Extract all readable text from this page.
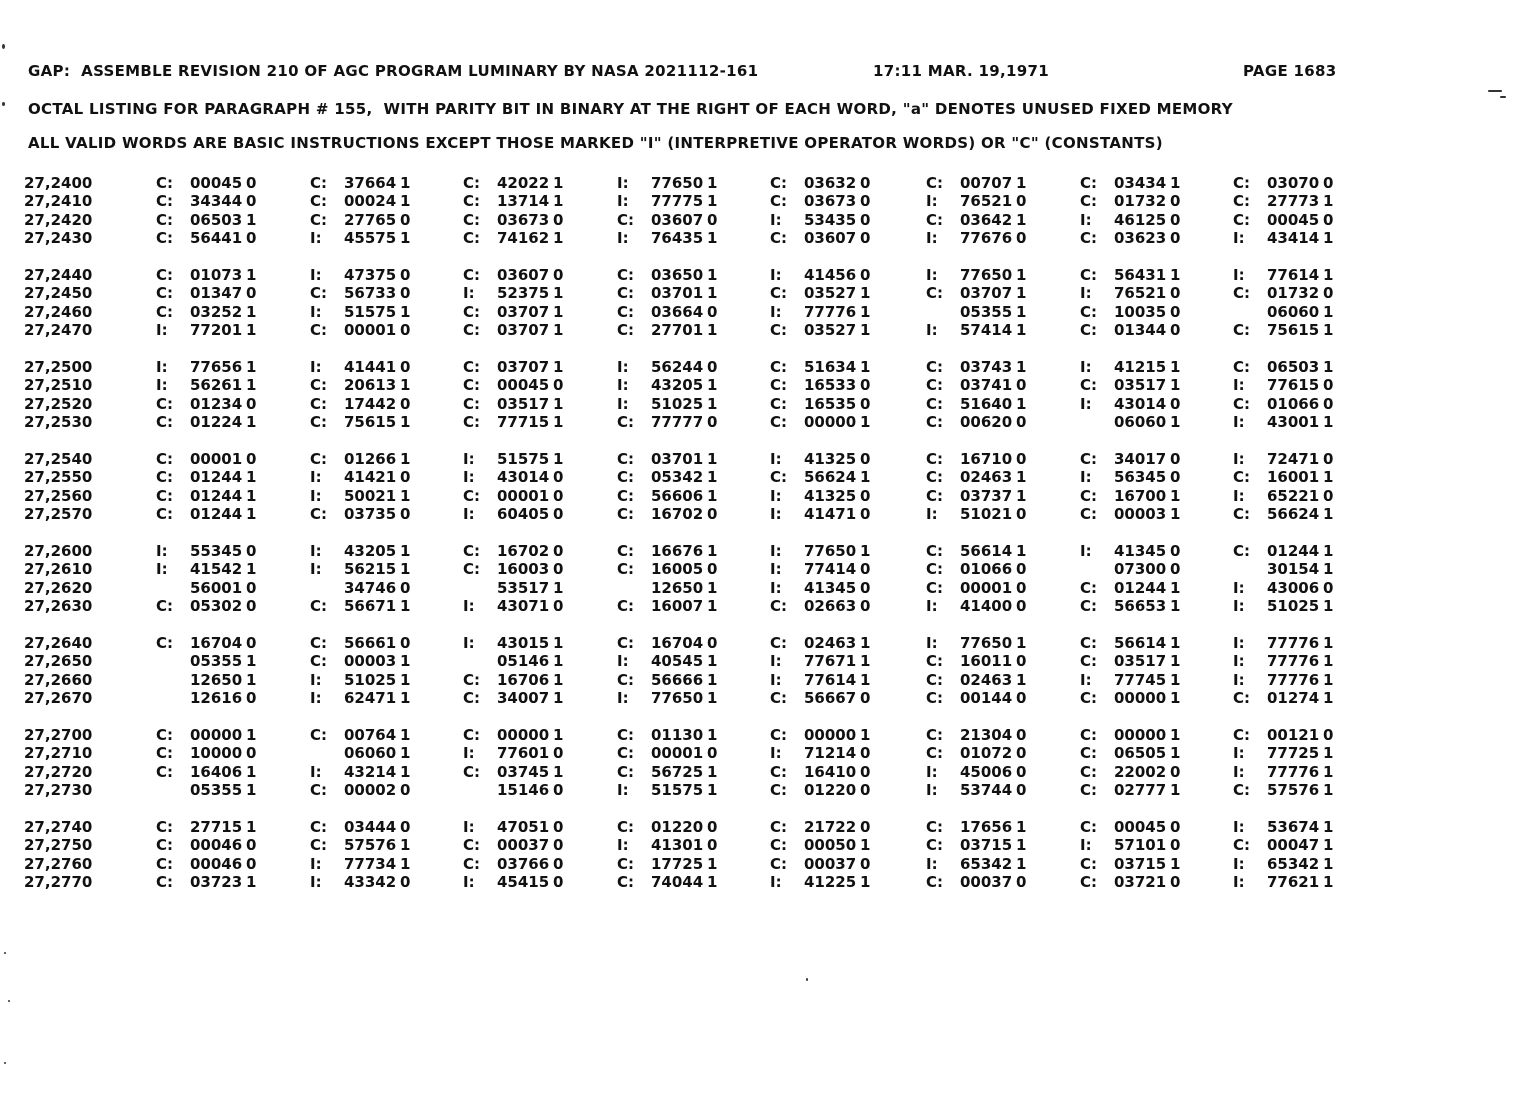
GAP:  ASSEMBLE REVISION 210 OF AGC PROGRAM LUMINARY BY NASA 2021112-161	17:11 MAR. 19,1971	PAGE 1683
OCTAL LISTING FOR PARAGRAPH # 155,  WITH PARITY BIT IN BINARY AT THE RIGHT OF EACH WORD, "a" DENOTES UNUSED FIXED MEMORY
ALL VALID WORDS ARE BASIC INSTRUCTIONS EXCEPT THOSE MARKED "I" (INTERPRETIVE OPERATOR WORDS) OR "C" (CONSTANTS)
27,2400	C: 00045 0	C: 37664 1	C: 42022 1	I: 77650 1	C: 03632 0	C: 00707 1	C: 03434 1	C: 03070 0
27,2410	C: 34344 0	C: 00024 1	C: 13714 1	I: 77775 1	C: 03673 0	I: 76521 0	C: 01732 0	C: 27773 1
27,2420	C: 06503 1	C: 27765 0	C: 03673 0	C: 03607 0	I: 53435 0	C: 03642 1	I: 46125 0	C: 00045 0
27,2430	C: 56441 0	I: 45575 1	C: 74162 1	I: 76435 1	C: 03607 0	I: 77676 0	C: 03623 0	I: 43414 1
27,2440	C: 01073 1	I: 47375 0	C: 03607 0	C: 03650 1	I: 41456 0	I: 77650 1	C: 56431 1	I: 77614 1
27,2450	C: 01347 0	C: 56733 0	I: 52375 1	C: 03701 1	C: 03527 1	C: 03707 1	I: 76521 0	C: 01732 0
27,2460	C: 03252 1	I: 51575 1	C: 03707 1	C: 03664 0	I: 77776 1	05355 1	C: 10035 0	06060 1
27,2470	I: 77201 1	C: 00001 0	C: 03707 1	C: 27701 1	C: 03527 1	I: 57414 1	C: 01344 0	C: 75615 1
27,2500	I: 77656 1	I: 41441 0	C: 03707 1	I: 56244 0	C: 51634 1	C: 03743 1	I: 41215 1	C: 06503 1
27,2510	I: 56261 1	C: 20613 1	C: 00045 0	I: 43205 1	C: 16533 0	C: 03741 0	C: 03517 1	I: 77615 0
27,2520	C: 01234 0	C: 17442 0	C: 03517 1	I: 51025 1	C: 16535 0	C: 51640 1	I: 43014 0	C: 01066 0
27,2530	C: 01224 1	C: 75615 1	C: 77715 1	C: 77777 0	C: 00000 1	C: 00620 0	06060 1	I: 43001 1
27,2540	C: 00001 0	C: 01266 1	I: 51575 1	C: 03701 1	I: 41325 0	C: 16710 0	C: 34017 0	I: 72471 0
27,2550	C: 01244 1	I: 41421 0	I: 43014 0	C: 05342 1	C: 56624 1	C: 02463 1	I: 56345 0	C: 16001 1
27,2560	C: 01244 1	I: 50021 1	C: 00001 0	C: 56606 1	I: 41325 0	C: 03737 1	C: 16700 1	I: 65221 0
27,2570	C: 01244 1	C: 03735 0	I: 60405 0	C: 16702 0	I: 41471 0	I: 51021 0	C: 00003 1	C: 56624 1
27,2600	I: 55345 0	I: 43205 1	C: 16702 0	C: 16676 1	I: 77650 1	C: 56614 1	I: 41345 0	C: 01244 1
27,2610	I: 41542 1	I: 56215 1	C: 16003 0	C: 16005 0	I: 77414 0	C: 01066 0	07300 0	30154 1
27,2620	56001 0	34746 0	53517 1	12650 1	I: 41345 0	C: 00001 0	C: 01244 1	I: 43006 0
27,2630	C: 05302 0	C: 56671 1	I: 43071 0	C: 16007 1	C: 02663 0	I: 41400 0	C: 56653 1	I: 51025 1
27,2640	C: 16704 0	C: 56661 0	I: 43015 1	C: 16704 0	C: 02463 1	I: 77650 1	C: 56614 1	I: 77776 1
27,2650	05355 1	C: 00003 1	05146 1	I: 40545 1	I: 77671 1	C: 16011 0	C: 03517 1	I: 77776 1
27,2660	12650 1	I: 51025 1	C: 16706 1	C: 56666 1	I: 77614 1	C: 02463 1	I: 77745 1	I: 77776 1
27,2670	12616 0	I: 62471 1	C: 34007 1	I: 77650 1	C: 56667 0	C: 00144 0	C: 00000 1	C: 01274 1
27,2700	C: 00000 1	C: 00764 1	C: 00000 1	C: 01130 1	C: 00000 1	C: 21304 0	C: 00000 1	C: 00121 0
27,2710	C: 10000 0	06060 1	I: 77601 0	C: 00001 0	I: 71214 0	C: 01072 0	C: 06505 1	I: 77725 1
27,2720	C: 16406 1	I: 43214 1	C: 03745 1	C: 56725 1	C: 16410 0	I: 45006 0	C: 22002 0	I: 77776 1
27,2730	05355 1	C: 00002 0	15146 0	I: 51575 1	C: 01220 0	I: 53744 0	C: 02777 1	C: 57576 1
27,2740	C: 27715 1	C: 03444 0	I: 47051 0	C: 01220 0	C: 21722 0	C: 17656 1	C: 00045 0	I: 53674 1
27,2750	C: 00046 0	C: 57576 1	C: 00037 0	I: 41301 0	C: 00050 1	C: 03715 1	I: 57101 0	C: 00047 1
27,2760	C: 00046 0	I: 77734 1	C: 03766 0	C: 17725 1	C: 00037 0	I: 65342 1	C: 03715 1	I: 65342 1
27,2770	C: 03723 1	I: 43342 0	I: 45415 0	C: 74044 1	I: 41225 1	C: 00037 0	C: 03721 0	I: 77621 1
